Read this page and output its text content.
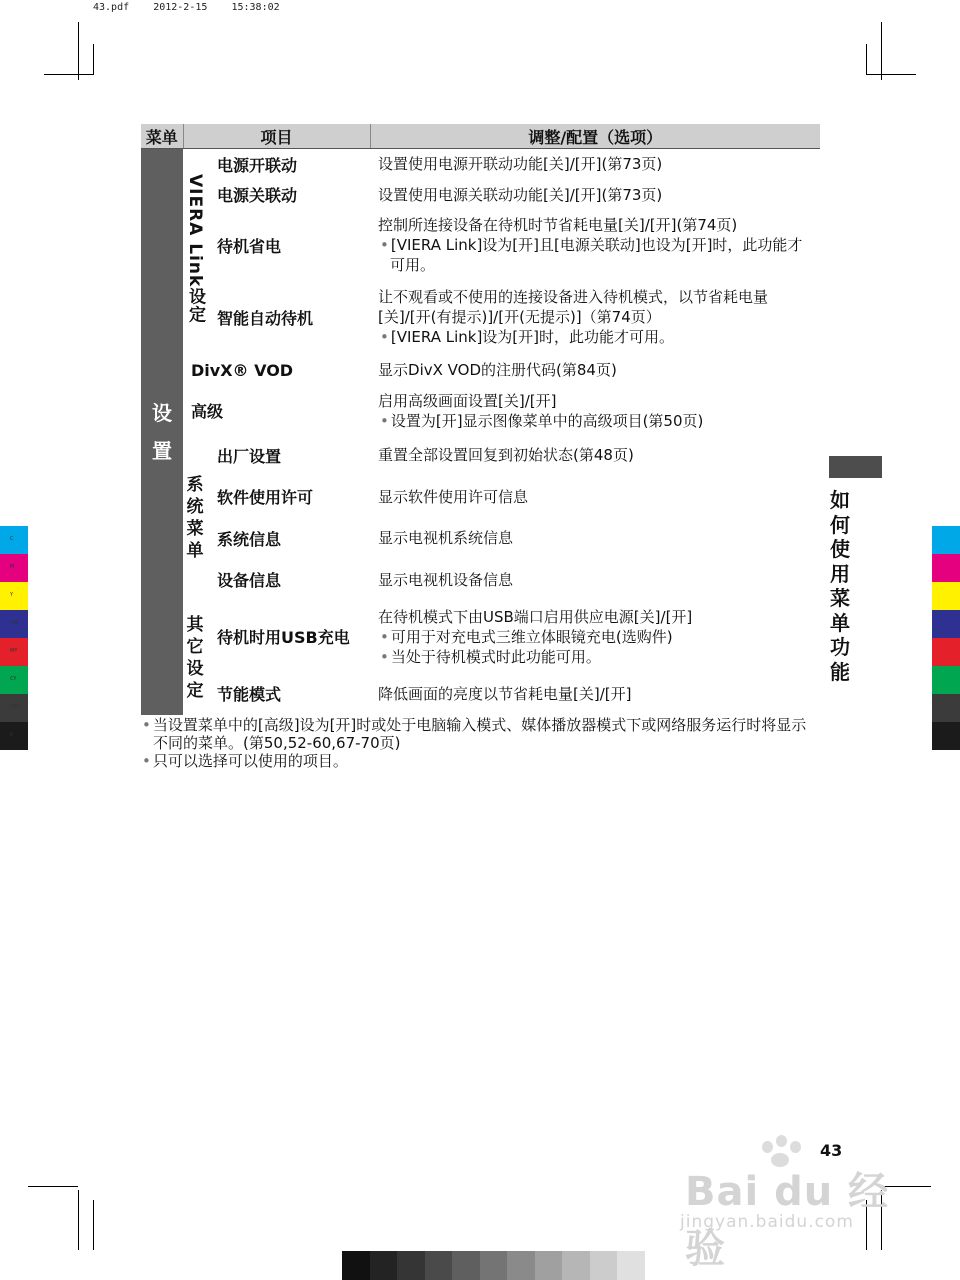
43.pdf    2012-2-15    15:38:02
C
M
Y
CM
MY
CY
CMY
K
菜单	项目		调整/配置（选项）

设
置	VIERA Link设定	电源开联动	设置使用电源开联动功能[关]/[开](第73页)
		电源关联动	设置使用电源关联动功能[关]/[开](第73页)
		待机省电	控制所连接设备在待机时节省耗电量[关]/[开](第74页)
• [VIERA Link]设为[开]且[电源关联动]也设为[开]时，此功能才可用。

		智能自动待机	让不观看或不使用的连接设备进入待机模式，以节省耗电量
[关]/[开(有提示)]/[开(无提示)]（第74页）
• [VIERA Link]设为[开]时，此功能才可用。

	DivX® VOD		显示DivX VOD的注册代码(第84页)
	高级		启用高级画面设置[关]/[开]
• 设置为[开]显示图像菜单中的高级项目(第50页)

	系
统
菜
单	出厂设置	重置全部设置回复到初始状态(第48页)
		软件使用许可	显示软件使用许可信息
		系统信息	显示电视机系统信息
		设备信息	显示电视机设备信息

	其
它
设
定	待机时用USB充电	在待机模式下由USB端口启用供应电源[关]/[开]
• 可用于对充电式三维立体眼镜充电(选购件)
• 当处于待机模式时此功能可用。

		节能模式	降低画面的亮度以节省耗电量[关]/[开]
• 当设置菜单中的[高级]设为[开]时或处于电脑输入模式、媒体播放器模式下或网络服务运行时将显示不同的菜单。(第50,52-60,67-70页)
• 只可以选择可以使用的项目。
如
何
使
用
菜
单
功
能
Bai du 经验
jingyan.baidu.com
43
